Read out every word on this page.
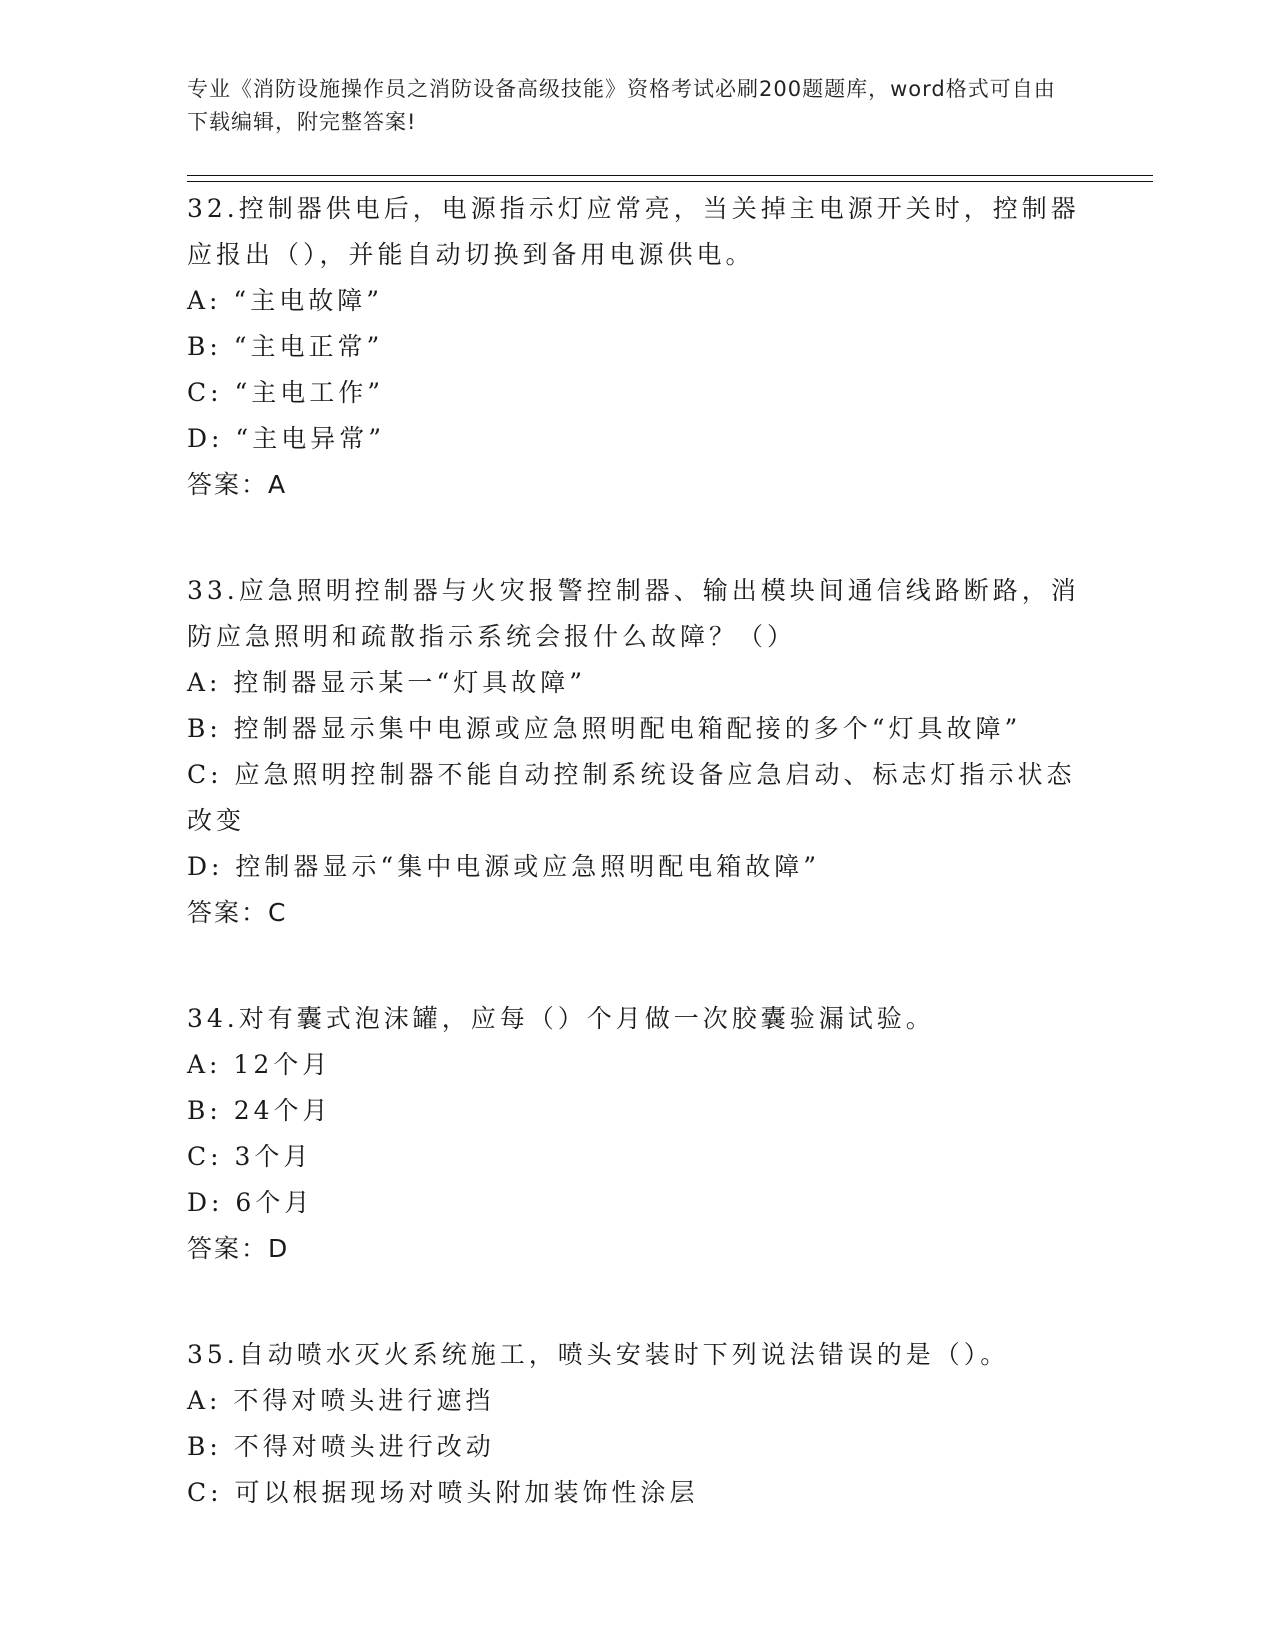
专业《消防设施操作员之消防设备高级技能》资格考试必刷200题题库，word格式可自由下载编辑，附完整答案!

32.控制器供电后，电源指示灯应常亮，当关掉主电源开关时，控制器应报出（），并能自动切换到备用电源供电。

A: “主电故障”

B: “主电正常”

C: “主电工作”

D: “主电异常”

答案：A

33.应急照明控制器与火灾报警控制器、输出模块间通信线路断路，消防应急照明和疏散指示系统会报什么故障？（）

A: 控制器显示某一“灯具故障”

B: 控制器显示集中电源或应急照明配电箱配接的多个“灯具故障”

C: 应急照明控制器不能自动控制系统设备应急启动、标志灯指示状态改变

D: 控制器显示“集中电源或应急照明配电箱故障”

答案：C

34.对有囊式泡沫罐，应每（）个月做一次胶囊验漏试验。

A: 12个月

B: 24个月

C: 3个月

D: 6个月

答案：D

35.自动喷水灭火系统施工，喷头安装时下列说法错误的是（）。

A: 不得对喷头进行遮挡

B: 不得对喷头进行改动

C: 可以根据现场对喷头附加装饰性涂层
